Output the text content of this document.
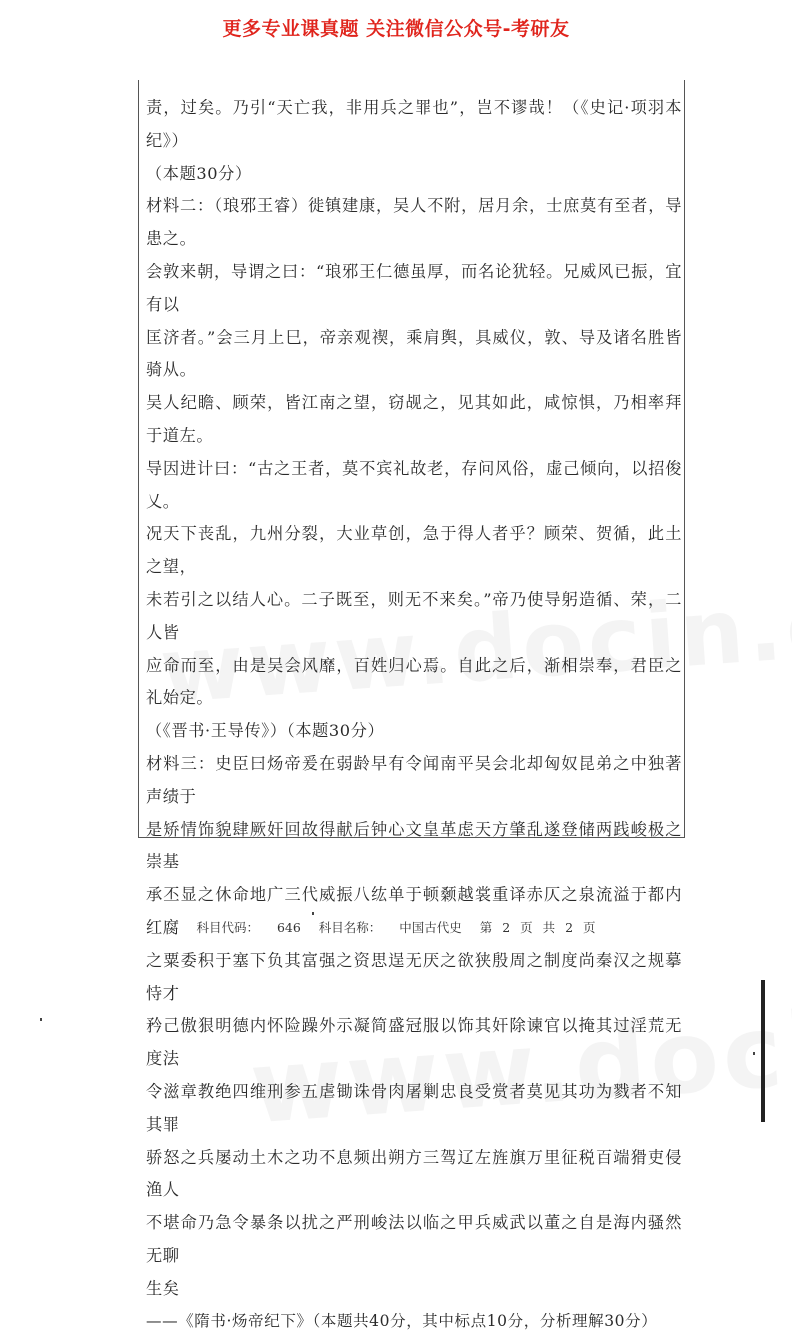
更多专业课真题 关注微信公众号-考研友

责，过矣。乃引“天亡我，非用兵之罪也”，岂不谬哉！（《史记·项羽本纪》）

（本题30分）

材料二：（琅邪王睿）徙镇建康，吴人不附，居月余，士庶莫有至者，导患之。

会敦来朝，导谓之曰：“琅邪王仁德虽厚，而名论犹轻。兄威风已振，宜有以

匡济者。”会三月上巳，帝亲观禊，乘肩舆，具威仪，敦、导及诸名胜皆骑从。

吴人纪瞻、顾荣，皆江南之望，窃觇之，见其如此，咸惊惧，乃相率拜于道左。

导因进计曰：“古之王者，莫不宾礼故老，存问风俗，虚己倾向，以招俊乂。

况天下丧乱，九州分裂，大业草创，急于得人者乎？顾荣、贺循，此土之望，

未若引之以结人心。二子既至，则无不来矣。”帝乃使导躬造循、荣，二人皆

应命而至，由是吴会风靡，百姓归心焉。自此之后，渐相崇奉，君臣之礼始定。

（《晋书·王导传》）（本题30分）

材料三：史臣曰炀帝爰在弱龄早有令闻南平吴会北却匈奴昆弟之中独著声绩于

是矫情饰貌肆厥奸回故得献后钟心文皇革虑天方肇乱遂登储两践峻极之崇基

承丕显之休命地广三代威振八纮单于顿颡越裳重译赤仄之泉流溢于都内红腐

之粟委积于塞下负其富强之资思逞无厌之欲狭殷周之制度尚秦汉之规摹恃才

矜己傲狠明德内怀险躁外示凝简盛冠服以饰其奸除谏官以掩其过淫荒无度法

令滋章教绝四维刑参五虐锄诛骨肉屠剿忠良受赏者莫见其功为戮者不知其罪

骄怒之兵屡动土木之功不息频出朔方三驾辽左旌旗万里征税百端猾吏侵渔人

不堪命乃急令暴条以扰之严刑峻法以临之甲兵威武以董之自是海内骚然无聊

生矣

——《隋书·炀帝纪下》（本题共40分，其中标点10分，分析理解30分）

科目代码： 646 科目名称： 中国古代史 第 2 页 共 2 页
